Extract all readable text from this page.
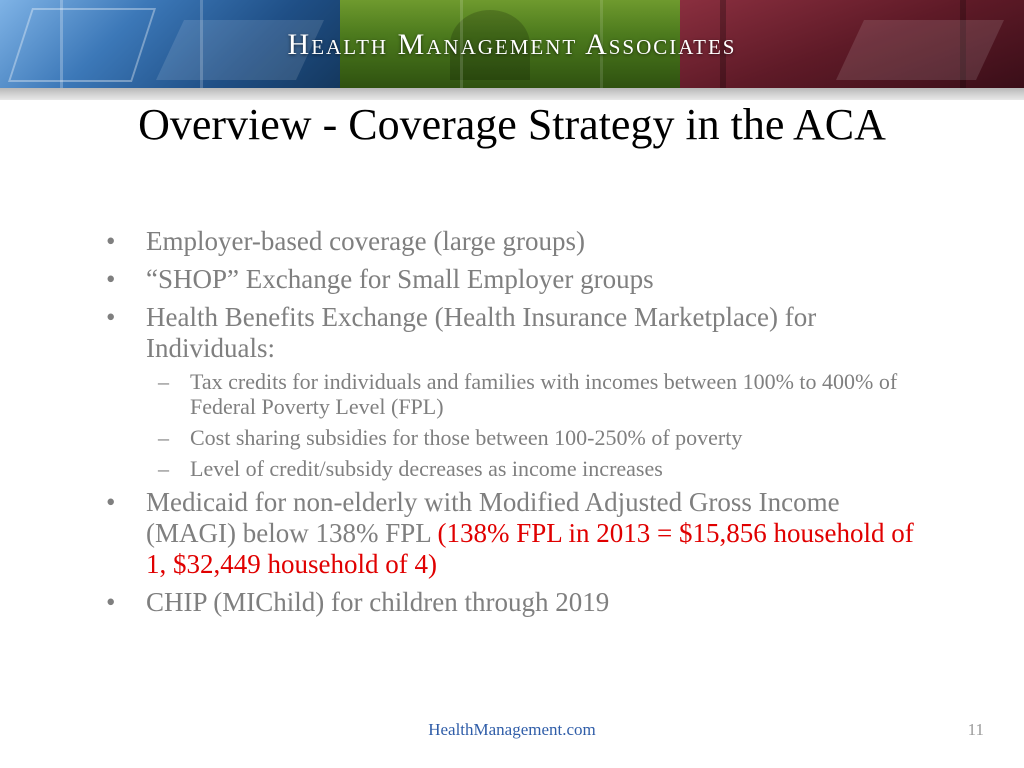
Health Management Associates
Overview - Coverage Strategy in the ACA
• Employer-based coverage (large groups)
• “SHOP” Exchange for Small Employer groups
• Health Benefits Exchange (Health Insurance Marketplace) for Individuals:
– Tax credits for individuals and families with incomes between 100% to 400% of Federal Poverty Level (FPL)
– Cost sharing subsidies for those between 100-250% of poverty
– Level of credit/subsidy decreases as income increases
• Medicaid for non-elderly with Modified Adjusted Gross Income (MAGI) below 138% FPL (138% FPL in 2013 = $15,856 household of 1, $32,449 household of 4)
• CHIP (MIChild) for children through 2019
HealthManagement.com	11
